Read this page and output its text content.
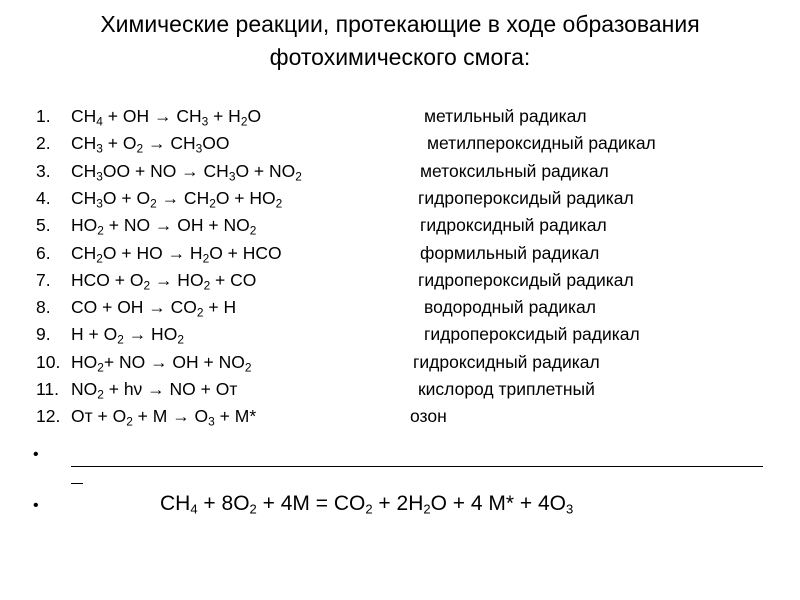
Химические реакции, протекающие в ходе образования
фотохимического смога:
1. $CH_4$ + OH → $CH_3 + H_2O$	метильный радикал
2. $CH_3 + O_2 \to CH_3OO$	метилпероксидный радикал
3. $CH_3OO$ + NO → $CH_3O + NO_2$	метоксильный радикал
4. $CH_3O + O_2 \to CH_2O + HO_2$	гидропероксидый радикал
5. $HO_2$ + NO → OH + $NO_2$	гидроксидный радикал
6. $CH_2O$ + HO → $H_2O$ + HCO	формильный радикал
7. HCO + $O_2 \to HO_2$ + CO	гидропероксидый радикал
8. CO + OH → $CO_2 + H$	водородный радикал
9. $H + O_2 \to HO_2$	гидропероксидый радикал
10. $HO_2+$ NO → OH + $NO_2$	гидроксидный радикал
11. $NO_2 + h\nu$ → NO + Oт	кислород триплетный
12. Oт + $O_2 + M \to O_3 + M*$	озон
•
•	$CH_4 + 8O_2 + 4M = CO_2 + 2H_2O + 4$ $M* + 4O_3$
